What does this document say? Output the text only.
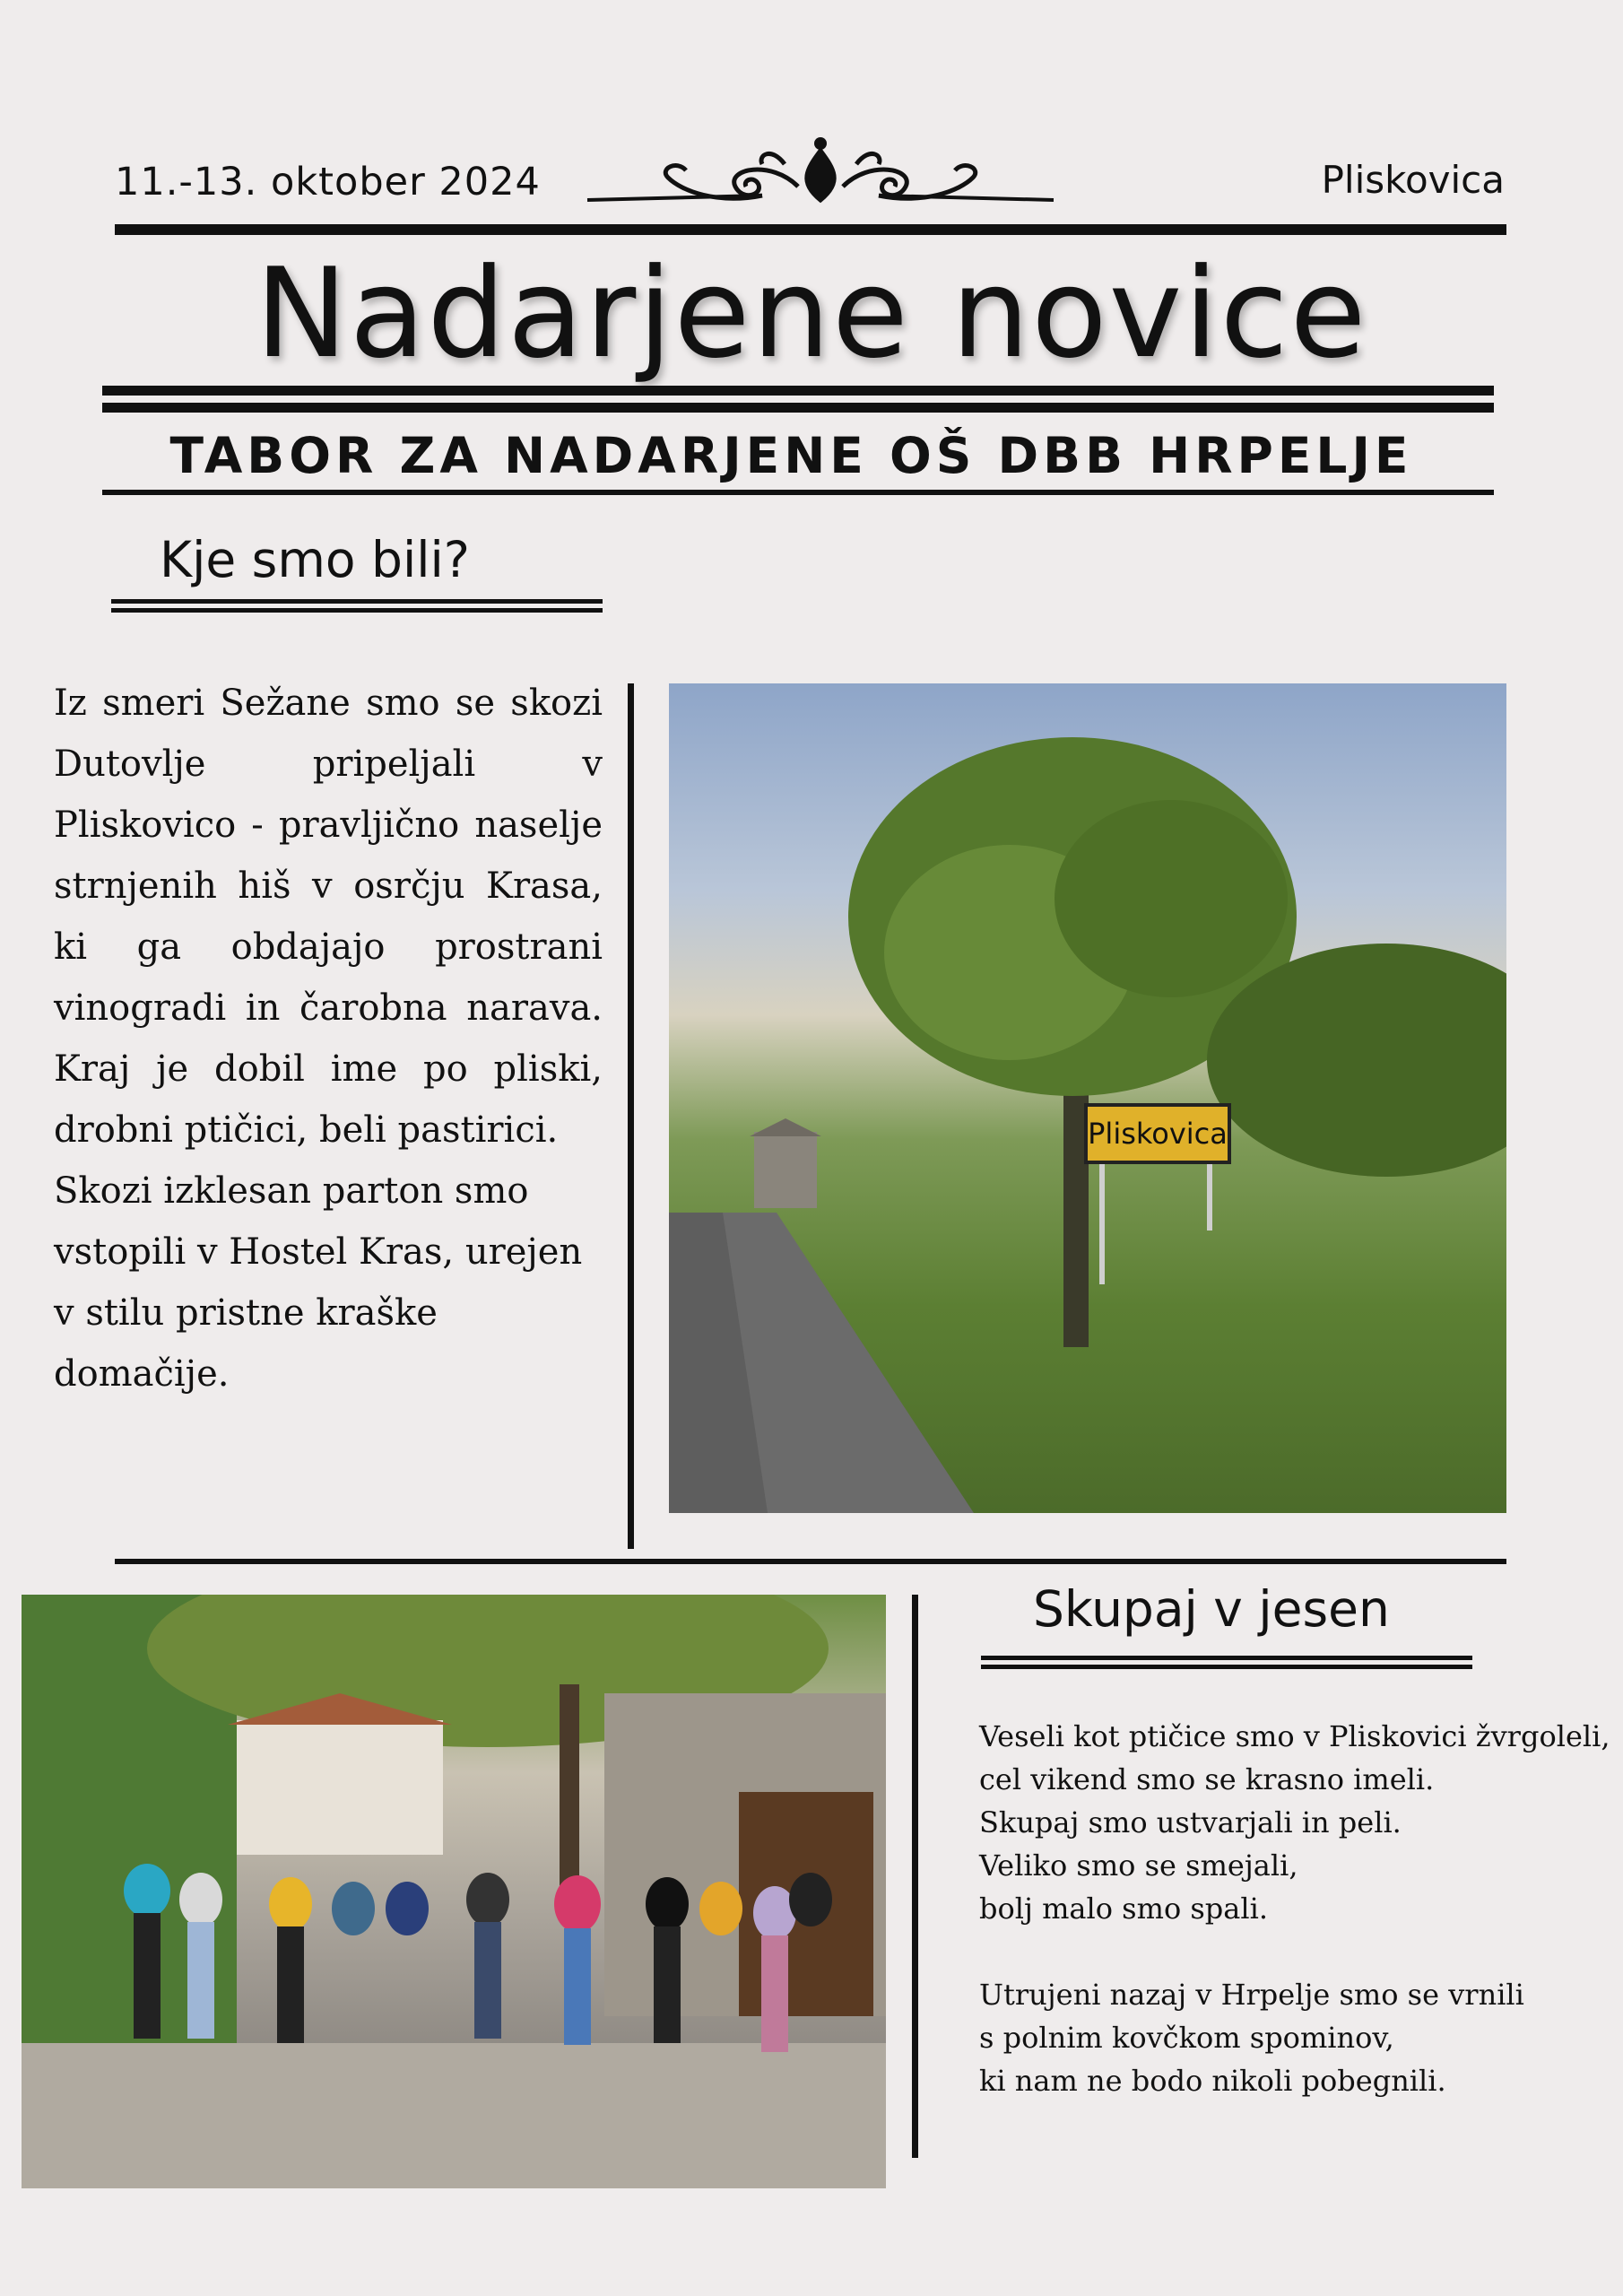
11.-13. oktober 2024	Pliskovica
Nadarjene novice
TABOR ZA NADARJENE OŠ DBB HRPELJE
Kje smo bili?

Iz smeri Sežane smo se skozi Dutovlje pripeljali v Pliskovico - pravljično naselje strnjenih hiš v osrčju Krasa, ki ga obdajajo prostrani vinogradi in čarobna narava. Kraj je dobil ime po pliski, drobni ptičici, beli pastirici.

Skozi izklesan parton smo vstopili v Hostel Kras, urejen v stilu pristne kraške domačije.

Pliskovica
Skupaj v jesen
Veseli kot ptičice smo v Pliskovici žvrgoleli,
cel vikend smo se krasno imeli.
Skupaj smo ustvarjali in peli.
Veliko smo se smejali,
bolj malo smo spali.

Utrujeni nazaj v Hrpelje smo se vrnili
s polnim kovčkom spominov,
ki nam ne bodo nikoli pobegnili.
